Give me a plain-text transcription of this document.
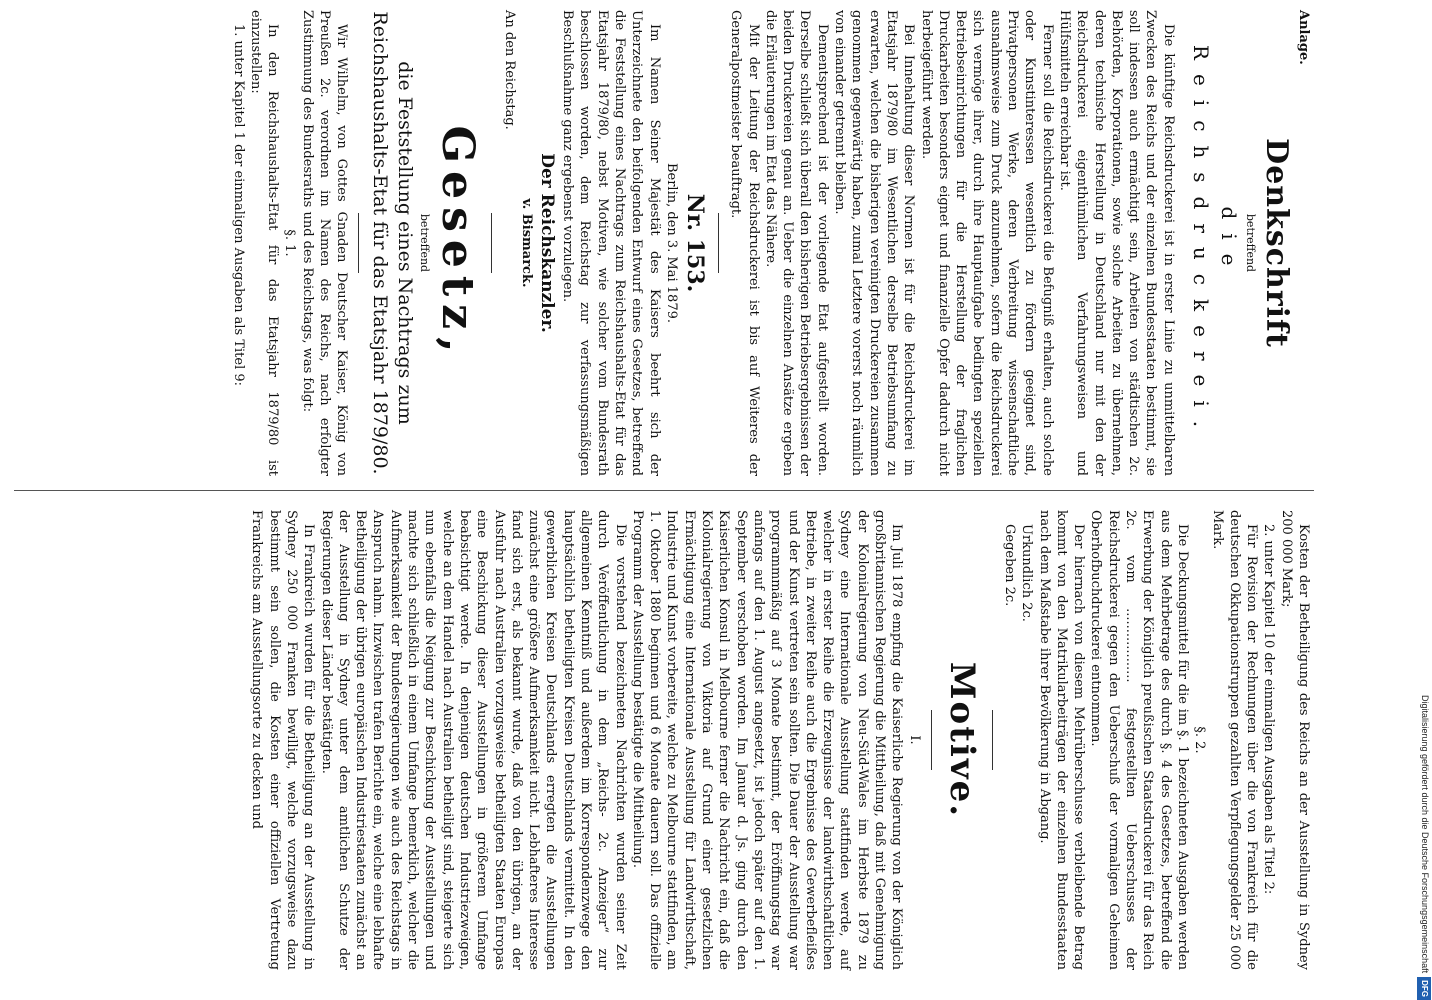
Anlage.

Denkschrift

betreffend

die Reichsdruckerei.

Die künftige Reichsdruckerei ist in erster Linie zu unmittelbaren Zwecken des Reichs und der einzelnen Bundesstaaten bestimmt, sie soll indessen auch ermächtigt sein, Arbeiten von städtischen 2c. Behörden, Korporationen, sowie solche Arbeiten zu übernehmen, deren technische Herstellung in Deutschland nur mit den der Reichsdruckerei eigenthümlichen Verfahrungsweisen und Hülfsmitteln erreichbar ist.

Ferner soll die Reichsdruckerei die Befugniß erhalten, auch solche oder Kunstinteressen wesentlich zu fördern geeignet sind, Privatpersonen Werke, deren Verbreitung wissenschaftliche ausnahmsweise zum Druck anzunehmen, sofern die Reichsdruckerei sich vermöge ihrer, durch ihre Hauptaufgabe bedingten speziellen Betriebseinrichtungen für die Herstellung der fraglichen Druckarbeiten besonders eignet und finanzielle Opfer dadurch nicht herbeigeführt werden.

Bei Innehaltung dieser Normen ist für die Reichsdruckerei im Etatsjahr 1879/80 im Wesentlichen derselbe Betriebsumfang zu erwarten, welchen die bisherigen vereinigten Druckereien zusammen genommen gegenwärtig haben, zumal Letztere vorerst noch räumlich von einander getrennt bleiben.

Dementsprechend ist der vorliegende Etat aufgestellt worden. Derselbe schließt sich überall den bisherigen Betriebsergebnissen der beiden Druckereien genau an. Ueber die einzelnen Ansätze ergeben die Erläuterungen im Etat das Nähere.

Mit der Leitung der Reichsdruckerei ist bis auf Weiteres der Generalpostmeister beauftragt.

Nr. 153.

Berlin, den 3. Mai 1879.

Im Namen Seiner Majestät des Kaisers beehrt sich der Unterzeichnete den beifolgenden Entwurf eines Gesetzes, betreffend die Feststellung eines Nachtrags zum Reichshaushalts-Etat für das Etatsjahr 1879/80, nebst Motiven, wie solcher vom Bundesrath beschlossen worden, dem Reichstag zur verfassungsmäßigen Beschlußnahme ganz ergebenst vorzulegen.

Der Reichskanzler.

v. Bismarck.

An den Reichstag.

Gesetz,

betreffend

die Feststellung eines Nachtrags zum Reichshaushalts-Etat für das Etatsjahr 1879/80.

Wir Wilhelm, von Gottes Gnaden Deutscher Kaiser, König von Preußen 2c. verordnen im Namen des Reichs, nach erfolgter Zustimmung des Bundesraths und des Reichstags, was folgt:

§. 1.

In den Reichshaushalts-Etat für das Etatsjahr 1879/80 ist einzustellen:

1. unter Kapitel 1 der einmaligen Ausgaben als Titel 9:

Kosten der Betheiligung des Reichs an der Ausstellung in Sydney 200 000 Mark;

2. unter Kapitel 10 der einmaligen Ausgaben als Titel 2:

Für Revision der Rechnungen über die von Frankreich für die deutschen Okkupationstruppen gezahlten Verpflegungsgelder 25 000 Mark.

§. 2.

Die Deckungsmittel für die im §. 1 bezeichneten Ausgaben werden aus dem Mehrbetrage des durch §. 4 des Gesetzes, betreffend die Erwerbung der Königlich preußischen Staatsdruckerei für das Reich 2c. vom .................. festgestellten Ueberschusses der Reichsdruckerei gegen den Ueberschuß der vormaligen Geheimen Oberhofbuchdruckerei entnommen.

Der hiernach von diesem Mehrüberschusse verbleibende Betrag kommt von den Matrikularbeiträgen der einzelnen Bundesstaaten nach dem Maßstabe ihrer Bevölkerung in Abgang.

Urkundlich 2c.

Gegeben 2c.

Motive.

I.

Im Juli 1878 empfing die Kaiserliche Regierung von der Königlich großbritannischen Regierung die Mittheilung, daß mit Genehmigung der Kolonialregierung von Neu-Süd-Wales im Herbste 1879 zu Sydney eine Internationale Ausstellung stattfinden werde, auf welcher in erster Reihe die Erzeugnisse der landwirthschaftlichen Betriebe, in zweiter Reihe auch die Ergebnisse des Gewerbefleißes und der Kunst vertreten sein sollten. Die Dauer der Ausstellung war programmmäßig auf 3 Monate bestimmt, der Eröffnungstag war anfangs auf den 1. August angesetzt, ist jedoch später auf den 1. September verschoben worden. Im Januar d. Js. ging durch den Kaiserlichen Konsul in Melbourne ferner die Nachricht ein, daß die Kolonialregierung von Viktoria auf Grund einer gesetzlichen Ermächtigung eine Internationale Ausstellung für Landwirthschaft, Industrie und Kunst vorbereite, welche zu Melbourne stattfinden, am 1. Oktober 1880 beginnen und 6 Monate dauern soll. Das offizielle Programm der Ausstellung bestätigte die Mittheilung.

Die vorstehend bezeichneten Nachrichten wurden seiner Zeit durch Veröffentlichung in dem „Reichs- 2c. Anzeiger“ zur allgemeinen Kenntniß und außerdem im Korrespondenzwege den hauptsächlich betheiligten Kreisen Deutschlands vermittelt. In den gewerblichen Kreisen Deutschlands erregten die Ausstellungen zunächst eine größere Aufmerksamkeit nicht. Lebhafteres Interesse fand sich erst, als bekannt wurde, daß von den übrigen, an der Ausfuhr nach Australien vorzugsweise betheiligten Staaten Europas eine Beschickung dieser Ausstellungen in größerem Umfange beabsichtigt werde. In denjenigen deutschen Industriezweigen, welche an dem Handel nach Australien betheiligt sind, steigerte sich nun ebenfalls die Neigung zur Beschickung der Ausstellungen und machte sich schließlich in einem Umfange bemerklich, welcher die Aufmerksamkeit der Bundesregierungen wie auch des Reichstags in Anspruch nahm. Inzwischen trafen Berichte ein, welche eine lebhafte Betheiligung der übrigen europäischen Industriestaaten zunächst an der Ausstellung in Sydney unter dem amtlichen Schutze der Regierungen dieser Länder bestätigten.

In Frankreich wurden für die Betheiligung an der Ausstellung in Sydney 250 000 Franken bewilligt, welche vorzugsweise dazu bestimmt sein sollen, die Kosten einer offiziellen Vertretung Frankreichs am Ausstellungsorte zu decken und

Digitalisierung gefördert durch die Deutsche ForschungsgemeinschaftDFG
